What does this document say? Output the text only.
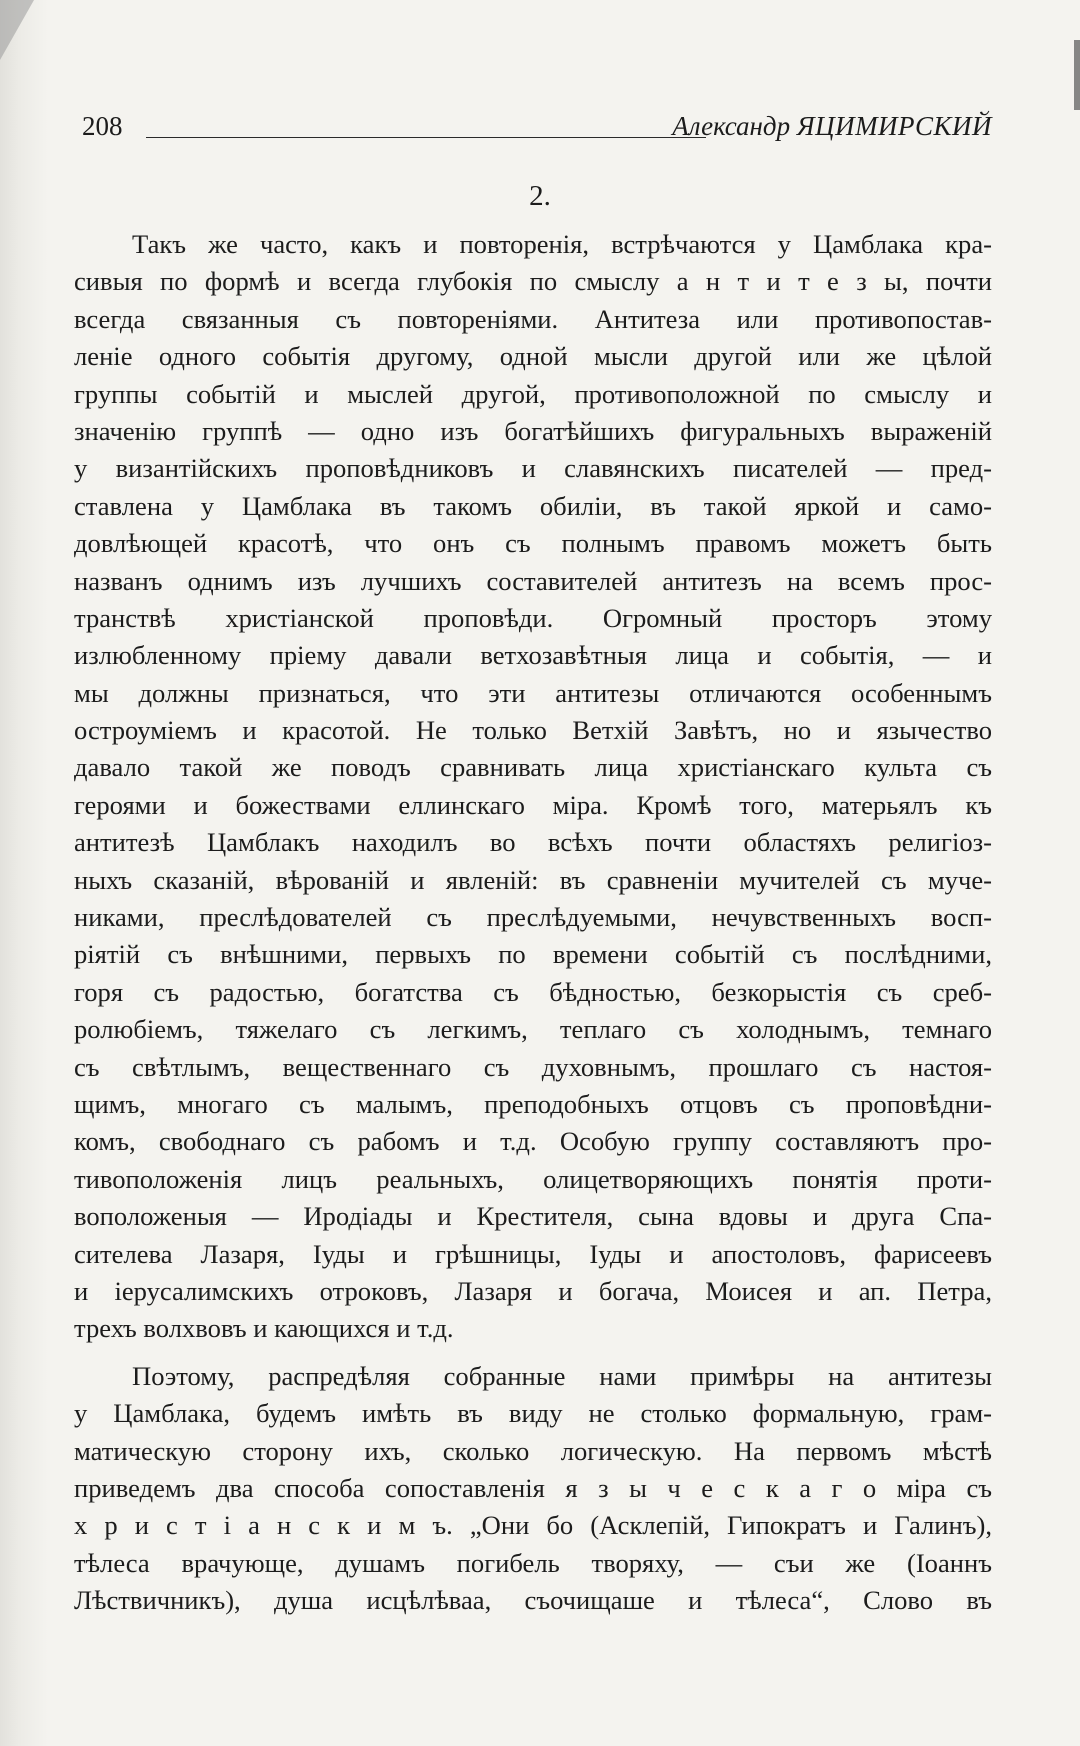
208	Александр ЯЦИМИРСКИЙ
2.
Такъ же часто, какъ и повторенія, встрѣчаются у Цамблака кра-
сивыя по формѣ и всегда глубокія по смыслу а н т и т е з ы, почти
всегда связанныя съ повтореніями. Антитеза или противопостав-
леніе одного событія другому, одной мысли другой или же цѣлой
группы событій и мыслей другой, противоположной по смыслу и
значенію группѣ — одно изъ богатѣйшихъ фигуральныхъ выраженій
у византійскихъ проповѣдниковъ и славянскихъ писателей — пред-
ставлена у Цамблака въ такомъ обиліи, въ такой яркой и само-
довлѣющей красотѣ, что онъ съ полнымъ правомъ можетъ быть
названъ однимъ изъ лучшихъ составителей антитезъ на всемъ прос-
транствѣ христіанской проповѣди. Огромный просторъ этому
излюбленному пріему давали ветхозавѣтныя лица и событія, — и
мы должны признаться, что эти антитезы отличаются особеннымъ
остроуміемъ и красотой. Не только Ветхій Завѣтъ, но и язычество
давало такой же поводъ сравнивать лица христіанскаго культа съ
героями и божествами еллинскаго міра. Кромѣ того, матерьялъ къ
антитезѣ Цамблакъ находилъ во всѣхъ почти областяхъ религіоз-
ныхъ сказаній, вѣрованій и явленій: въ сравненіи мучителей съ муче-
никами, преслѣдователей съ преслѣдуемыми, нечувственныхъ восп-
ріятій съ внѣшними, первыхъ по времени событій съ послѣдними,
горя съ радостью, богатства съ бѣдностью, безкорыстія съ среб-
ролюбіемъ, тяжелаго съ легкимъ, теплаго съ холоднымъ, темнаго
съ свѣтлымъ, вещественнаго съ духовнымъ, прошлаго съ настоя-
щимъ, многаго съ малымъ, преподобныхъ отцовъ съ проповѣдни-
комъ, свободнаго съ рабомъ и т.д. Особую группу составляютъ про-
тивоположенія лицъ реальныхъ, олицетворяющихъ понятія проти-
воположеныя — Иродіады и Крестителя, сына вдовы и друга Спа-
сителева Лазаря, Іуды и грѣшницы, Іуды и апостоловъ, фарисеевъ
и іерусалимскихъ отроковъ, Лазаря и богача, Моисея и ап. Петра,
трехъ волхвовъ и кающихся и т.д.
Поэтому, распредѣляя собранные нами примѣры на антитезы
у Цамблака, будемъ имѣть въ виду не столько формальную, грам-
матическую сторону ихъ, сколько логическую. На первомъ мѣстѣ
приведемъ два способа сопоставленія я з ы ч е с к а г о міра съ
х р и с т і а н с к и м ъ. „Они бо (Асклепій, Гипократъ и Галинъ),
тѣлеса врачующе, душамъ погибель творяху, — съи же (Іоаннъ
Лѣствичникъ), душа исцѣлѣваа, съочищаше и тѣлеса“, Слово въ
